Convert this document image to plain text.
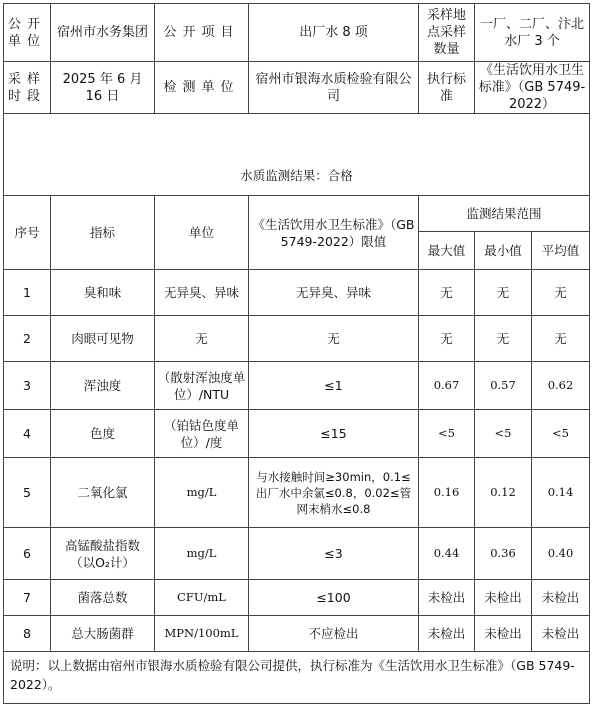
公开单位	宿州市水务集团	公开项目	出厂水 8 项	采样地点采样数量	一厂、二厂、汴北水厂 3 个	
采样时段	2025 年 6 月 16 日	检测单位	宿州市银海水质检验有限公司	执行标准	《生活饮用水卫生标准》（GB 5749-2022）	

水质监测结果：合格						
序号	指标	单位	《生活饮用水卫生标准》（GB 5749-2022）限值	监测结果范围		
				最大值	最小值	平均值
1	臭和味	无异臭、异味	无异臭、异味	无	无	无
2	肉眼可见物	无	无	无	无	无
3	浑浊度	（散射浑浊度单位）/NTU	≤1	0.67	0.57	0.62
4	色度	（铂钴色度单位）/度	≤15	<5	<5	<5
5	二氧化氯	mg/L	与水接触时间≥30min，0.1≤出厂水中余氯≤0.8，0.02≤管网末梢水≤0.8	0.16	0.12	0.14
6	高锰酸盐指数（以O₂计）	mg/L	≤3	0.44	0.36	0.40
7	菌落总数	CFU/mL	≤100	未检出	未检出	未检出
8	总大肠菌群	MPN/100mL	不应检出	未检出	未检出	未检出
说明：以上数据由宿州市银海水质检验有限公司提供，执行标准为《生活饮用水卫生标准》（GB 5749-2022）。						
